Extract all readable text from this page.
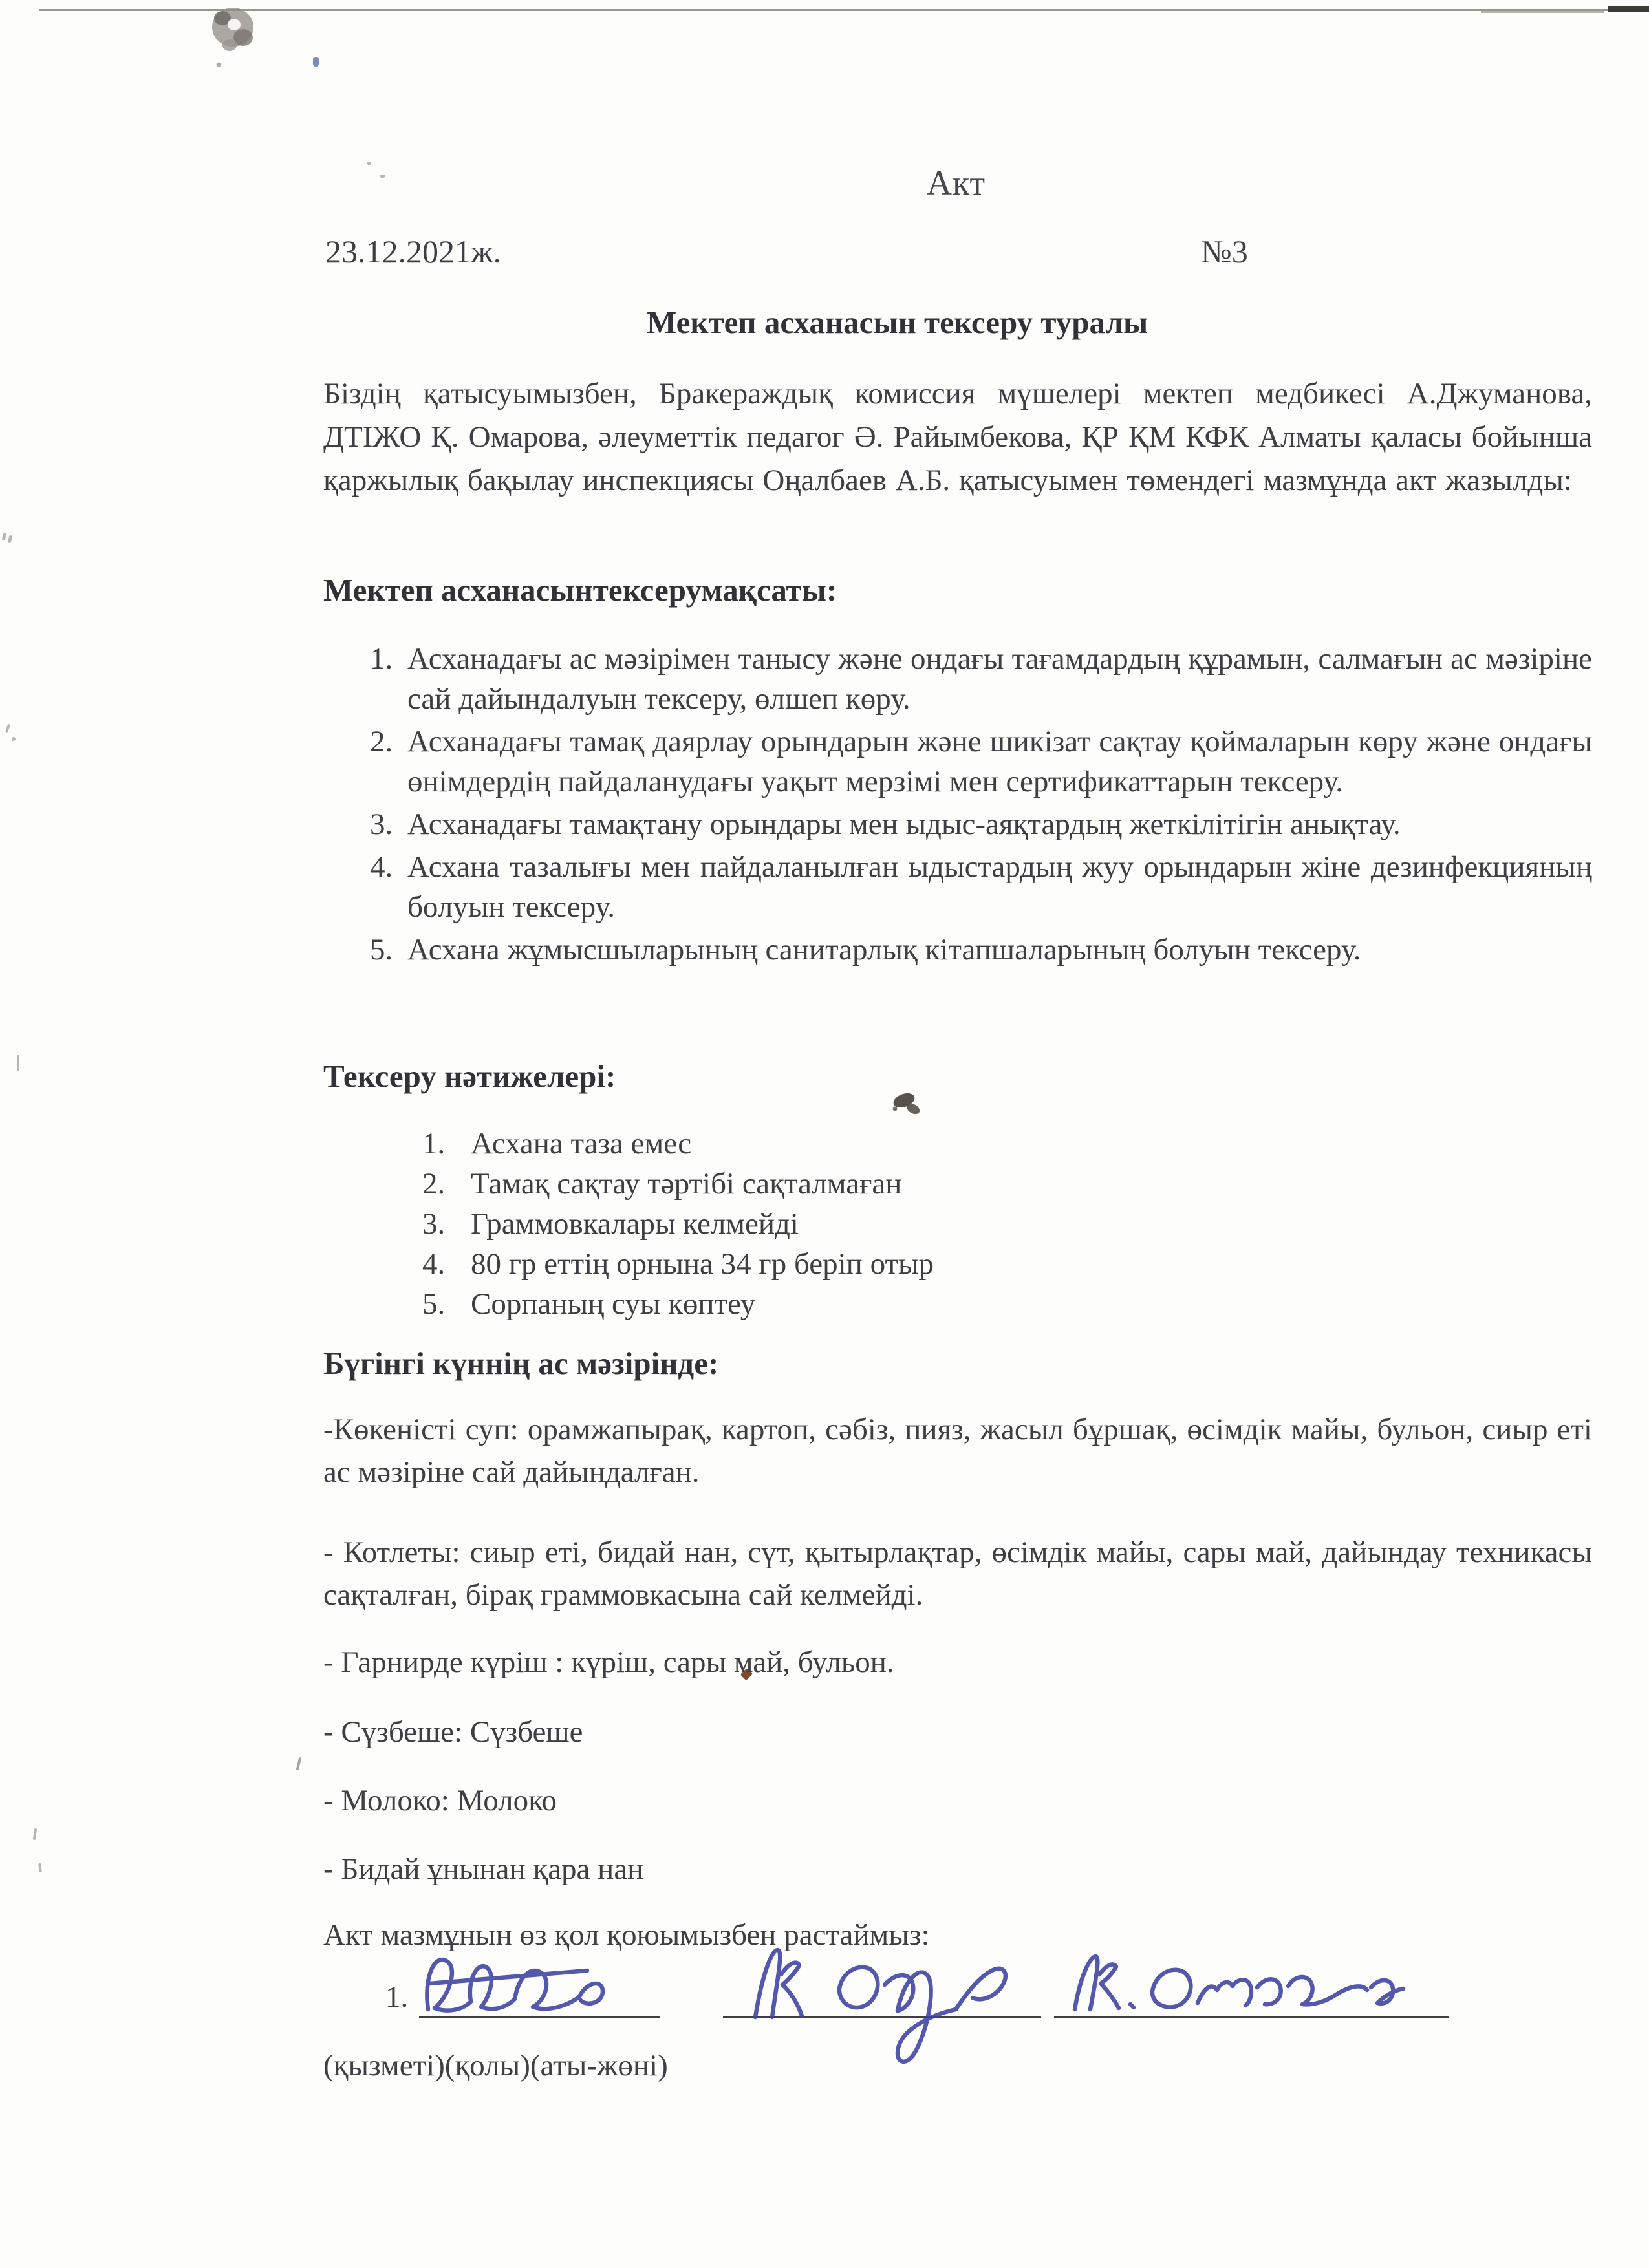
Акт
23.12.2021ж.	№3
Мектеп асханасын тексеру туралы
Біздің қатысуымызбен, Бракераждық комиссия мүшелері мектеп медбикесі А.Джуманова, ДТІЖО Қ. Омарова, әлеуметтік педагог Ә. Райымбекова, ҚР ҚМ КФК Алматы қаласы бойынша қаржылық бақылау инспекциясы Оңалбаев А.Б. қатысуымен төмендегі мазмұнда акт жазылды:
Мектеп асханасынтексерумақсаты:
1. Асханадағы ас мәзірімен танысу және ондағы тағамдардың құрамын, салмағын ас мәзіріне сай дайындалуын тексеру, өлшеп көру.
2. Асханадағы тамақ даярлау орындарын және шикізат сақтау қоймаларын көру және ондағы өнімдердің пайдаланудағы уақыт мерзімі мен сертификаттарын тексеру.
3. Асханадағы тамақтану орындары мен ыдыс-аяқтардың жеткілітігін анықтау.
4. Асхана тазалығы мен пайдаланылған ыдыстардың жуу орындарын жіне дезинфекцияның болуын тексеру.
5. Асхана жұмысшыларының санитарлық кітапшаларының болуын тексеру.
Тексеру нәтижелері:
1. Асхана таза емес
2. Тамақ сақтау тәртібі сақталмаған
3. Граммовкалары келмейді
4. 80 гр еттің орнына 34 гр беріп отыр
5. Сорпаның суы көптеу
Бүгінгі күннің ас мәзірінде:
-Көкеністі суп: орамжапырақ, картоп, сәбіз, пияз, жасыл бұршақ, өсімдік майы, бульон, сиыр еті ас мәзіріне сай дайындалған.
- Котлеты: сиыр еті, бидай нан, сүт, қытырлақтар, өсімдік майы, сары май, дайындау техникасы сақталған, бірақ граммовкасына сай келмейді.
- Гарнирде күріш : күріш, сары май, бульон.
- Сүзбеше: Сүзбеше
- Молоко: Молоко
- Бидай ұнынан қара нан
Акт мазмұнын өз қол қоюымызбен растаймыз:
1.
(қызметі)(қолы)(аты-жөні)
